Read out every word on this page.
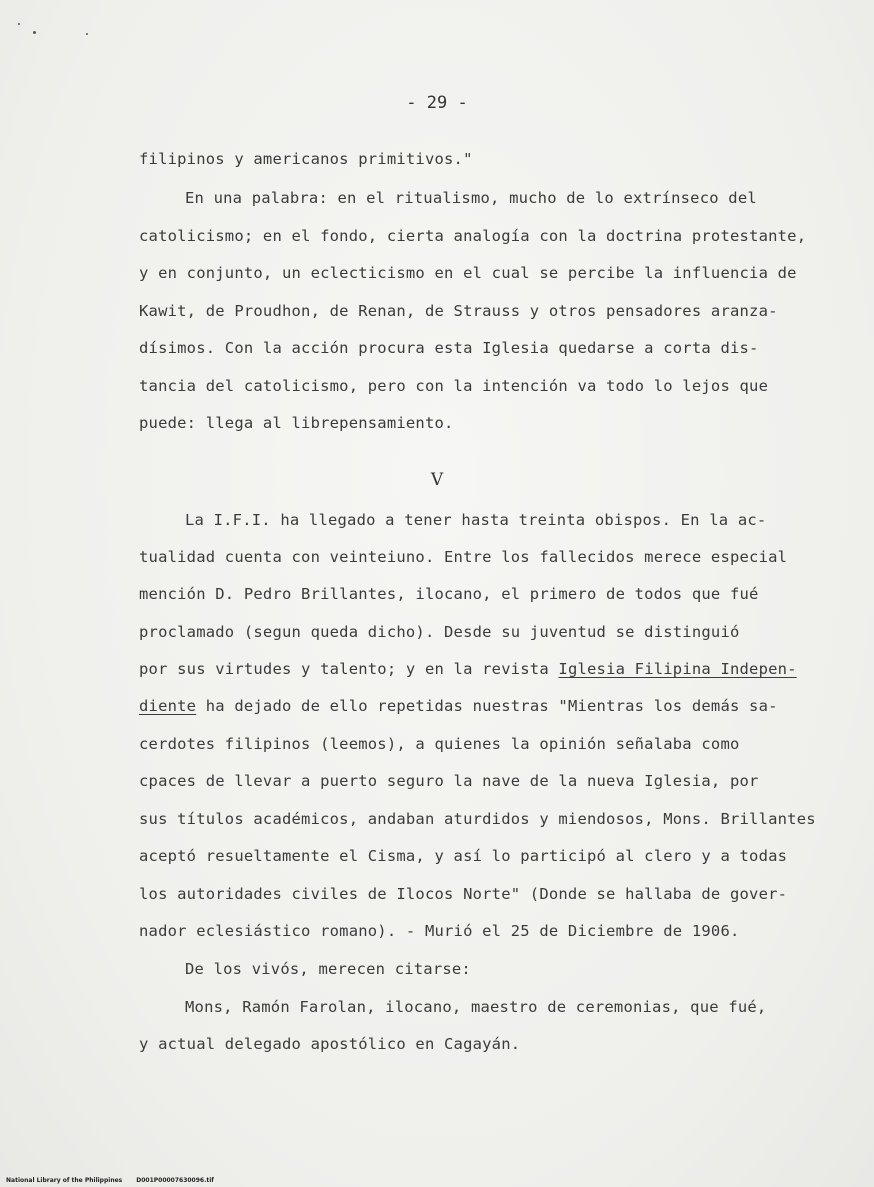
- 29 -
filipinos y americanos primitivos."
En una palabra: en el ritualismo, mucho de lo extrínseco del
catolicismo; en el fondo, cierta analogía con la doctrina protestante,
y en conjunto, un eclecticismo en el cual se percibe la influencia de
Kawit, de Proudhon, de Renan, de Strauss y otros pensadores aranza-
dísimos. Con la acción procura esta Iglesia quedarse a corta dis-
tancia del catolicismo, pero con la intención va todo lo lejos que
puede: llega al librepensamiento.
V
La I.F.I. ha llegado a tener hasta treinta obispos. En la ac-
tualidad cuenta con veinteiuno. Entre los fallecidos merece especial
mención D. Pedro Brillantes, ilocano, el primero de todos que fué
proclamado (segun queda dicho). Desde su juventud se distinguió
por sus virtudes y talento; y en la revista Iglesia Filipina Indepen-
diente ha dejado de ello repetidas nuestras "Mientras los demás sa-
cerdotes filipinos (leemos), a quienes la opinión señalaba como
cpaces de llevar a puerto seguro la nave de la nueva Iglesia, por
sus títulos académicos, andaban aturdidos y miendosos, Mons. Brillantes
aceptó resueltamente el Cisma, y así lo participó al clero y a todas
los autoridades civiles de Ilocos Norte" (Donde se hallaba de gover-
nador eclesiástico romano). - Murió el 25 de Diciembre de 1906.
De los vivós, merecen citarse:
Mons, Ramón Farolan, ilocano, maestro de ceremonias, que fué,
y actual delegado apostólico en Cagayán.
National Library of the Philippines D001P00007630096.tif
